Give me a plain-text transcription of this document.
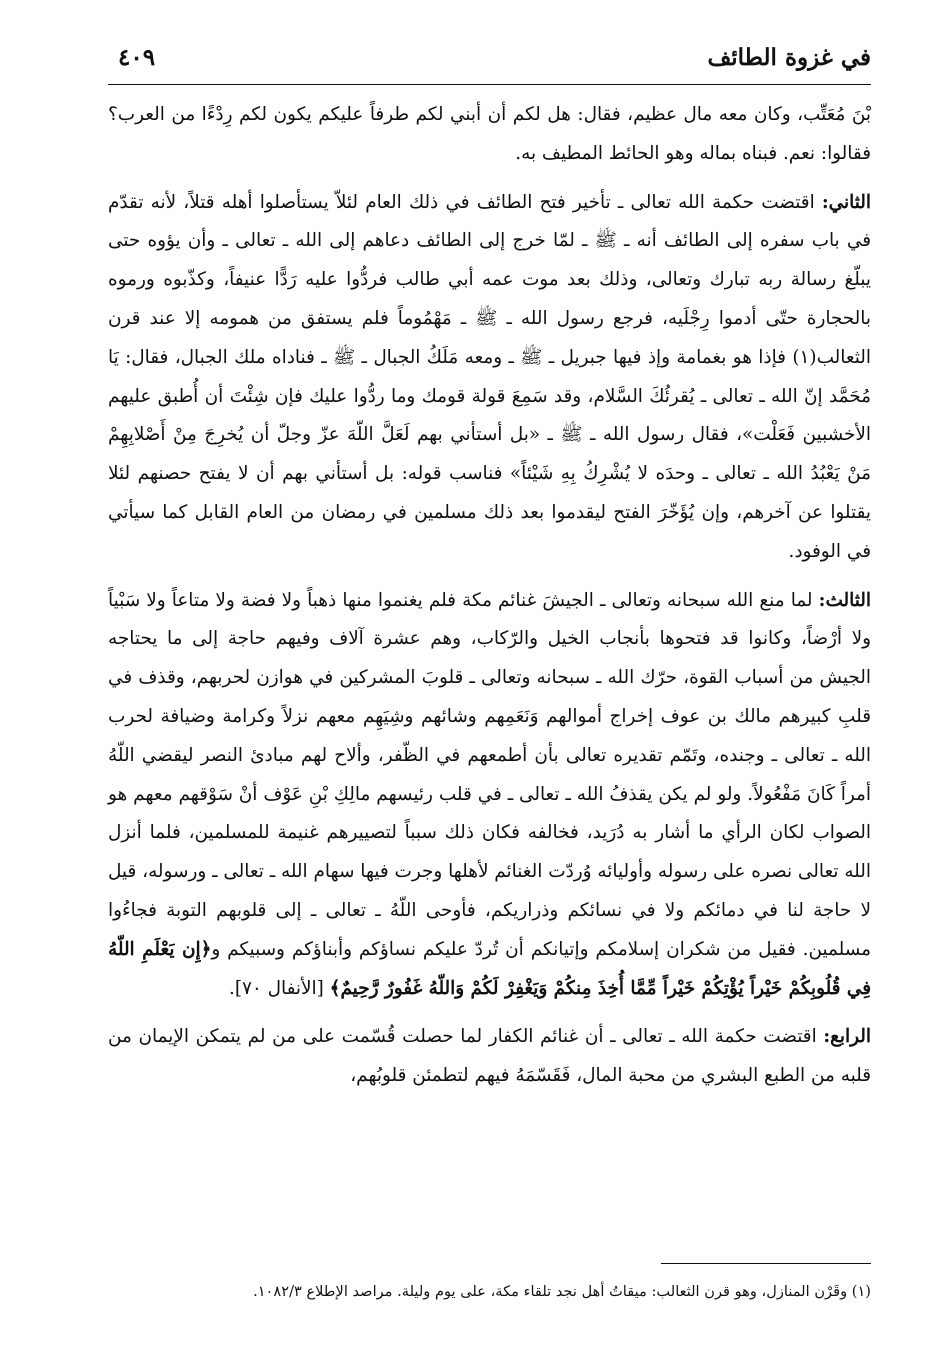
في غزوة الطائف
٤٠٩

بْنَ مُعَتِّب، وكان معه مال عظيم، فقال: هل لكم أن أبني لكم طرفاً عليكم يكون لكم رِدْءًا من العرب؟ فقالوا: نعم. فبناه بماله وهو الحائط المطيف به.

الثاني: اقتضت حكمة الله تعالى ـ تأخير فتح الطائف في ذلك العام لئلاّ يستأصلوا أهله قتلاً، لأنه تقدّم في باب سفره إلى الطائف أنه ـ ﷺ ـ لمّا خرج إلى الطائف دعاهم إلى الله ـ تعالى ـ وأن يؤوه حتى يبلّغ رسالة ربه تبارك وتعالى، وذلك بعد موت عمه أبي طالب فردُّوا عليه رَدًّا عنيفاً، وكذّبوه ورموه بالحجارة حتّى أدموا رِجْلَيه، فرجع رسول الله ـ ﷺ ـ مَهْمُوماً فلم يستفق من همومه إلا عند قرن الثعالب(١) فإذا هو بغمامة وإذ فيها جبريل ـ ﷺ ـ ومعه مَلَكُ الجبال ـ ﷺ ـ فناداه ملك الجبال، فقال: يَا مُحَمَّد إنّ الله ـ تعالى ـ يُقرئُكَ السَّلام، وقد سَمِعَ قولة قومك وما ردُّوا عليك فإن شِئْتَ أن أُطبق عليهم الأخشبين فَعَلْت»، فقال رسول الله ـ ﷺ ـ «بل أستأني بهم لَعَلَّ اللّهَ عزّ وجلّ أن يُخرِجَ مِنْ أَصْلابِهِمْ مَنْ يَعْبُدُ الله ـ تعالى ـ وحدَه لا يُشْرِكُ بِهِ شَيْئاً» فناسب قوله: بل أستأني بهم أن لا يفتح حصنهم لئلا يقتلوا عن آخرهم، وإن يُؤَخّرَ الفتح ليقدموا بعد ذلك مسلمين في رمضان من العام القابل كما سيأتي في الوفود.

الثالث: لما منع الله سبحانه وتعالى ـ الجيشَ غنائم مكة فلم يغنموا منها ذهباً ولا فضة ولا متاعاً ولا سَبْياً ولا أرْضاً، وكانوا قد فتحوها بأنجاب الخيل والرّكاب، وهم عشرة آلاف وفيهم حاجة إلى ما يحتاجه الجيش من أسباب القوة، حرّك الله ـ سبحانه وتعالى ـ قلوبَ المشركين في هوازن لحربهم، وقذف في قلبِ كبيرهم مالك بن عوف إخراج أموالهم وَنَعَمِهم وشائهم وشِيَهِم معهم نزلاً وكرامة وضيافة لحرب الله ـ تعالى ـ وجنده، وتَمّم تقديره تعالى بأن أطمعهم في الظّفر، وألاح لهم مبادئ النصر ليقضي اللّهُ أمراً كَانَ مَفْعُولاً. ولو لم يكن يقذفُ الله ـ تعالى ـ في قلب رئيسهم مالِكِ بْنِ عَوْف أنْ سَوْقهم معهم هو الصواب لكان الرأي ما أشار به دُرَيد، فخالفه فكان ذلك سبباً لتصييرهم غنيمة للمسلمين، فلما أنزل الله تعالى نصره على رسوله وأوليائه وُردّت الغنائم لأهلها وجرت فيها سهام الله ـ تعالى ـ ورسوله، قيل لا حاجة لنا في دمائكم ولا في نسائكم وذراريكم، فأوحى اللّهُ ـ تعالى ـ إلى قلوبهم التوبة فجاءُوا مسلمين. فقيل من شكران إسلامكم وإتيانكم أن تُردّ عليكم نساؤكم وأبناؤكم وسبيكم و﴿إِن يَعْلَمِ اللّهُ فِي قُلُوبِكُمْ خَيْراً يُؤْتِكُمْ خَيْراً مِّمَّا أُخِذَ مِنكُمْ وَيَغْفِرْ لَكُمْ وَاللّهُ غَفُورٌ رَّحِيمٌ﴾ [الأنفال ٧٠].

الرابع: اقتضت حكمة الله ـ تعالى ـ أن غنائم الكفار لما حصلت قُسّمت على من لم يتمكن الإيمان من قلبه من الطبع البشري من محبة المال، فَقَسّمَهُ فيهم لتطمئن قلوبُهم،

(١) وقَرْن المنازل، وهو قرن الثعالب: ميقاتُ أهل نجد تلقاء مكة، على يوم وليلة. مراصد الإطلاع ١٠٨٢/٣.
